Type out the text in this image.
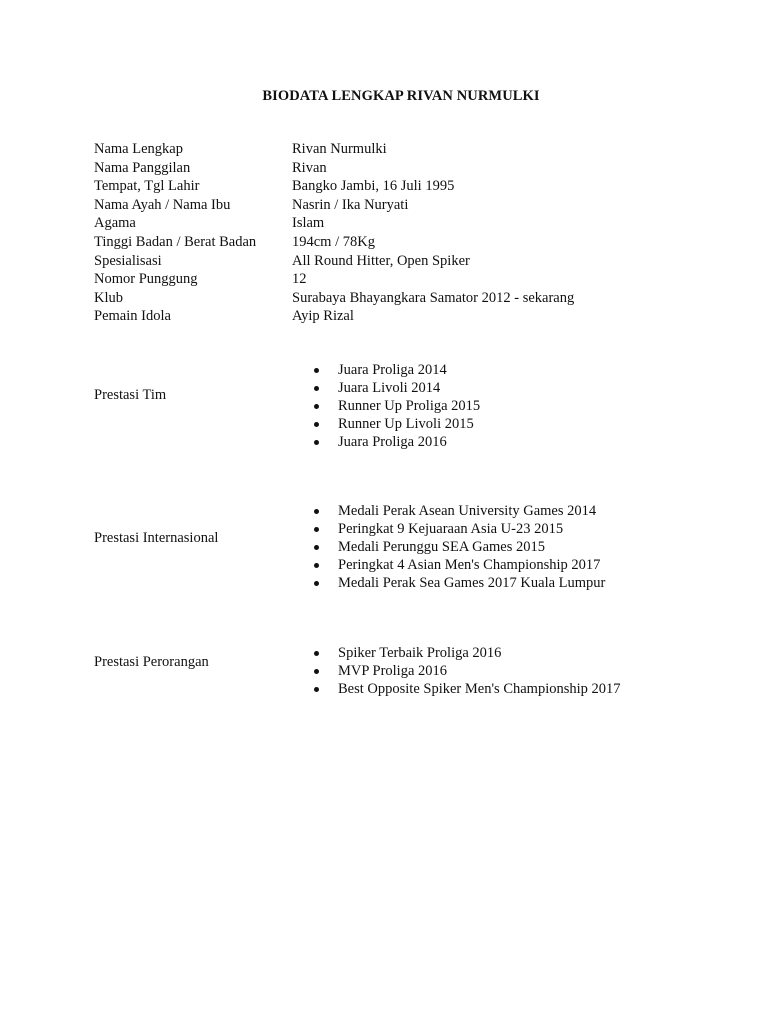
BIODATA LENGKAP RIVAN NURMULKI
Nama Lengkap	Rivan Nurmulki
Nama Panggilan	Rivan
Tempat, Tgl Lahir	Bangko Jambi, 16 Juli 1995
Nama Ayah / Nama Ibu	Nasrin / Ika Nuryati
Agama	Islam
Tinggi Badan / Berat Badan	194cm / 78Kg
Spesialisasi	All Round Hitter, Open Spiker
Nomor Punggung	12
Klub	Surabaya Bhayangkara Samator 2012 - sekarang
Pemain Idola	Ayip Rizal
Prestasi Tim
Juara Proliga 2014
Juara Livoli 2014
Runner Up Proliga 2015
Runner Up Livoli 2015
Juara Proliga 2016
Prestasi Internasional
Medali Perak Asean University Games 2014
Peringkat 9 Kejuaraan Asia U-23 2015
Medali Perunggu SEA Games 2015
Peringkat 4 Asian Men's Championship 2017
Medali Perak Sea Games 2017 Kuala Lumpur
Prestasi Perorangan
Spiker Terbaik Proliga 2016
MVP Proliga 2016
Best Opposite Spiker Men's Championship 2017
